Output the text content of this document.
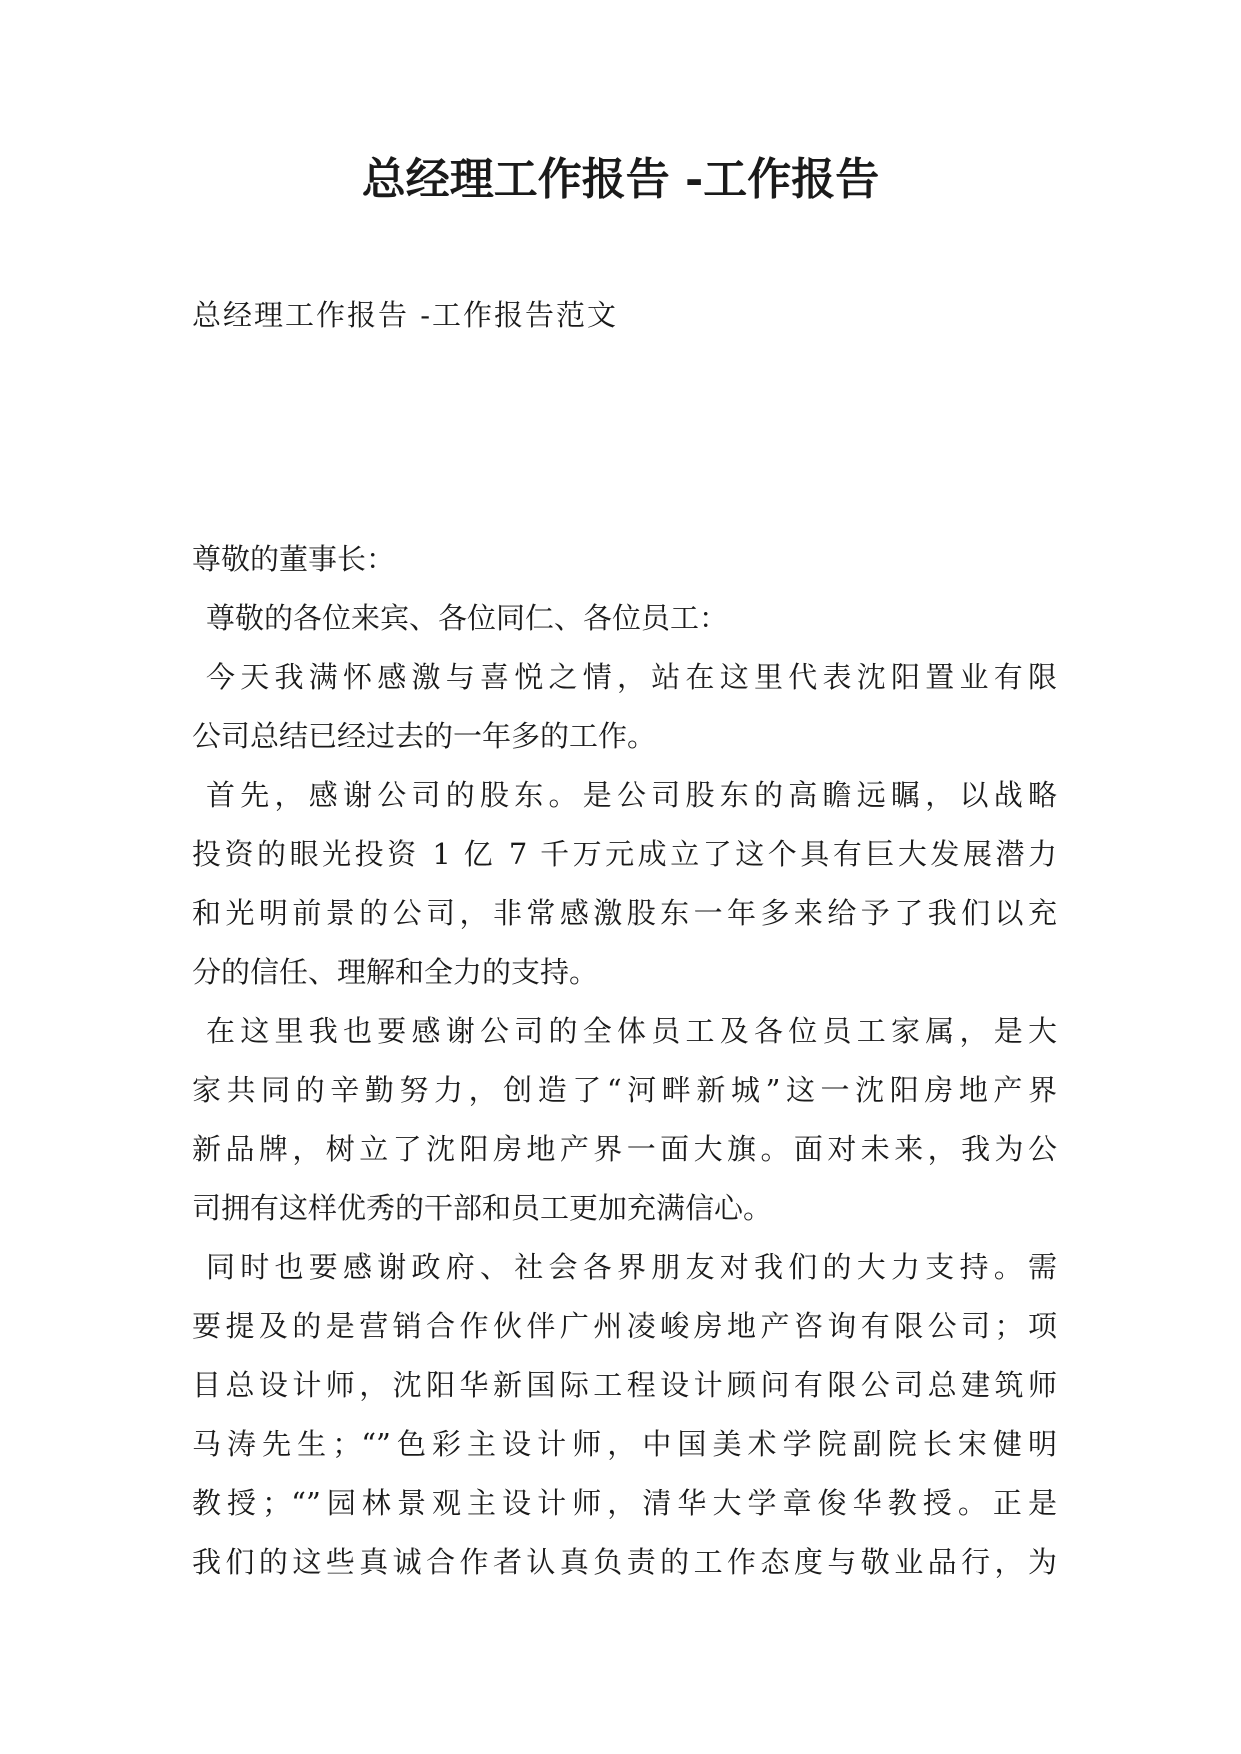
总经理工作报告 -工作报告
总经理工作报告 -工作报告范文
尊敬的董事长：
尊敬的各位来宾、各位同仁、各位员工：
今天我满怀感激与喜悦之情，站在这里代表沈阳置业有限
公司总结已经过去的一年多的工作。
首先，感谢公司的股东。是公司股东的高瞻远瞩，以战略
投资的眼光投资 1 亿 7 千万元成立了这个具有巨大发展潜力
和光明前景的公司，非常感激股东一年多来给予了我们以充
分的信任、理解和全力的支持。
在这里我也要感谢公司的全体员工及各位员工家属，是大
家共同的辛勤努力，创造了“河畔新城”这一沈阳房地产界
新品牌，树立了沈阳房地产界一面大旗。面对未来，我为公
司拥有这样优秀的干部和员工更加充满信心。
同时也要感谢政府、社会各界朋友对我们的大力支持。需
要提及的是营销合作伙伴广州凌峻房地产咨询有限公司；项
目总设计师，沈阳华新国际工程设计顾问有限公司总建筑师
马涛先生；“”色彩主设计师，中国美术学院副院长宋健明
教授；“”园林景观主设计师，清华大学章俊华教授。正是
我们的这些真诚合作者认真负责的工作态度与敬业品行，为
